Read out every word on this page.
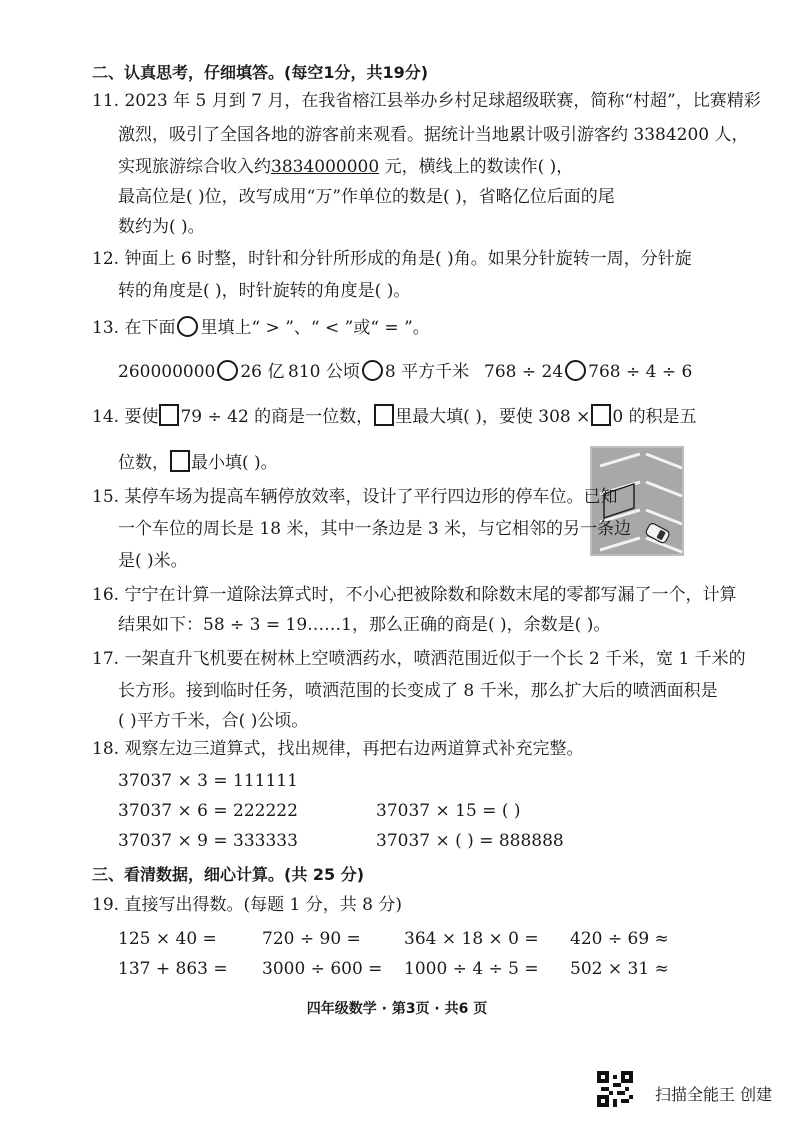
二、认真思考，仔细填答。(每空1分，共19分)
11. 2023 年 5 月到 7 月，在我省榕江县举办乡村足球超级联赛，简称“村超”，比赛精彩
激烈，吸引了全国各地的游客前来观看。据统计当地累计吸引游客约 3384200 人，
实现旅游综合收入约3834000000 元，横线上的数读作( )，
最高位是( )位，改写成用“万”作单位的数是( )，省略亿位后面的尾
数约为( )。
12. 钟面上 6 时整，时针和分针所形成的角是( )角。如果分针旋转一周，分针旋
转的角度是( )，时针旋转的角度是( )。
13. 在下面 里填上“ > ”、“ < ”或“ = ”。
260000000 26 亿 810 公顷 8 平方千米 768 ÷ 24 768 ÷ 4 ÷ 6
14. 要使 79 ÷ 42 的商是一位数， 里最大填( )，要使 308 × 0 的积是五
位数， 最小填( )。
15. 某停车场为提高车辆停放效率，设计了平行四边形的停车位。已知
一个车位的周长是 18 米，其中一条边是 3 米，与它相邻的另一条边
是( )米。
16. 宁宁在计算一道除法算式时，不小心把被除数和除数末尾的零都写漏了一个，计算
结果如下：58 ÷ 3 = 19……1，那么正确的商是( )，余数是( )。
17. 一架直升飞机要在树林上空喷洒药水，喷洒范围近似于一个长 2 千米，宽 1 千米的
长方形。接到临时任务，喷洒范围的长变成了 8 千米，那么扩大后的喷洒面积是
( )平方千米，合( )公顷。
18. 观察左边三道算式，找出规律，再把右边两道算式补充完整。
37037 × 3 = 111111
37037 × 6 = 222222
37037 × 9 = 333333
37037 × 15 = ( )
37037 × ( ) = 888888
三、看清数据，细心计算。(共 25 分)
19. 直接写出得数。(每题 1 分，共 8 分)
125 × 40 =	720 ÷ 90 =	364 × 18 × 0 = 420 ÷ 69 ≈
137 + 863 = 3000 ÷ 600 = 1000 ÷ 4 ÷ 5 = 502 × 31 ≈
四年级数学 · 第3页 · 共6 页
扫描全能王 创建
